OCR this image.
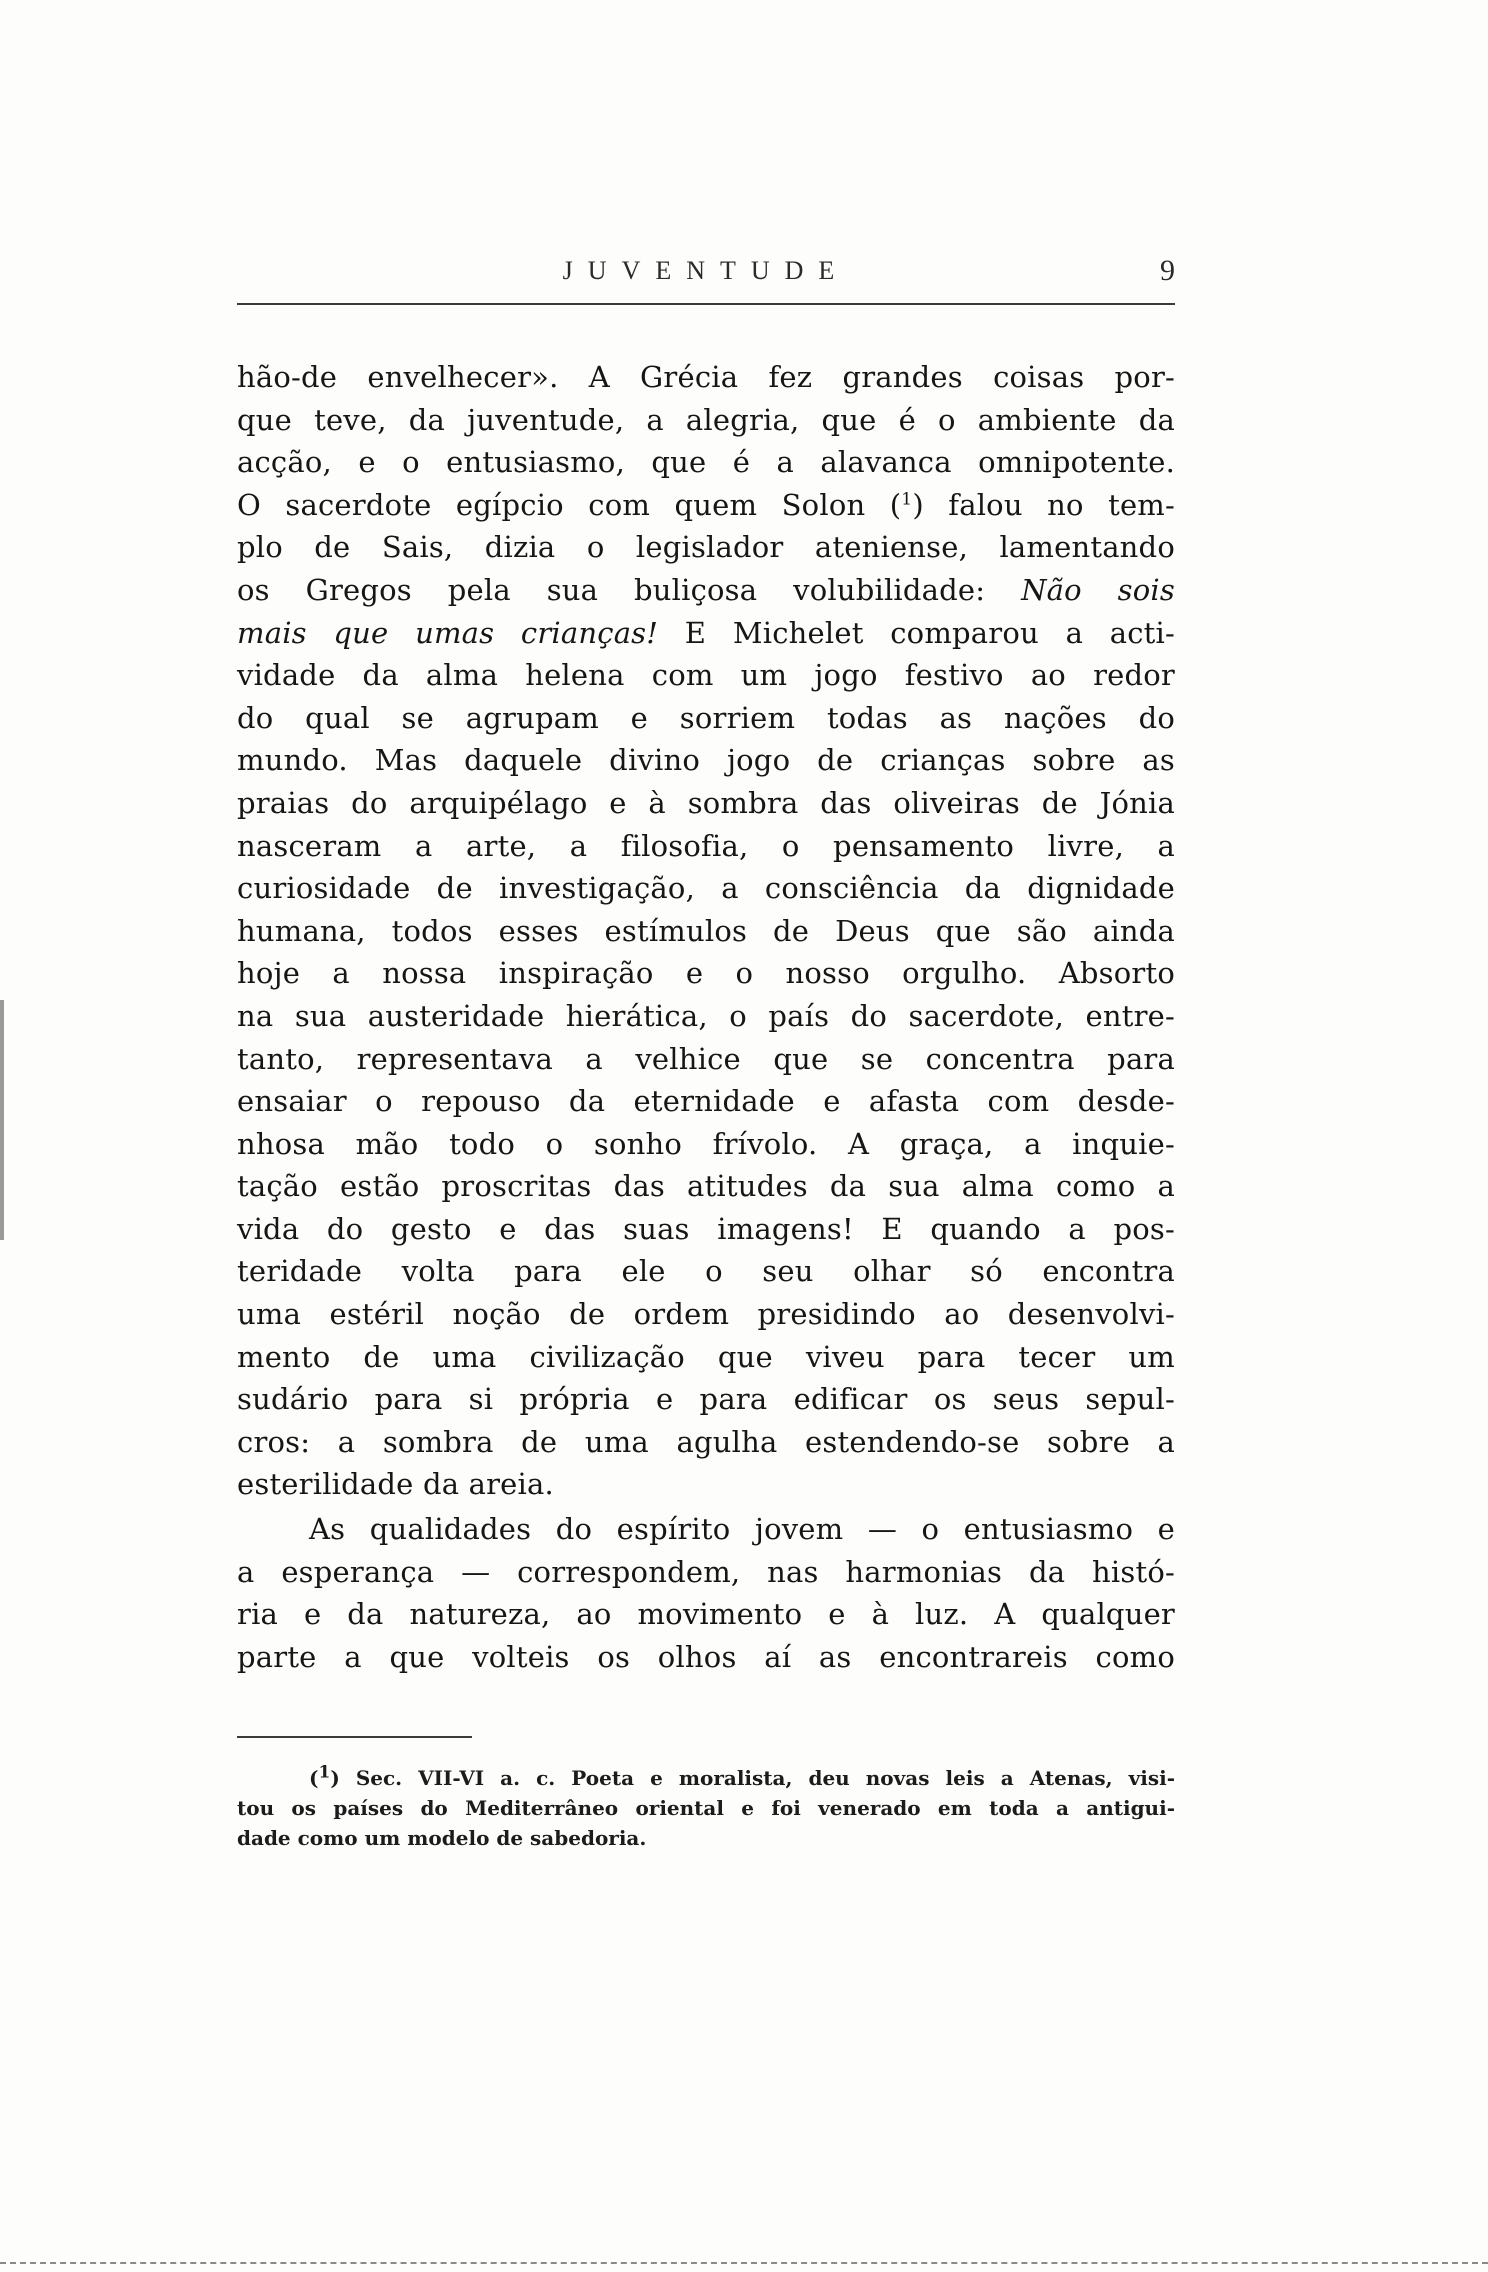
JUVENTUDE	9
hão-de envelhecer». A Grécia fez grandes coisas por-
que teve, da juventude, a alegria, que é o ambiente da
acção, e o entusiasmo, que é a alavanca omnipotente.
O sacerdote egípcio com quem Solon ($^1$) falou no tem-
plo de Sais, dizia o legislador ateniense, lamentando
os Gregos pela sua buliçosa volubilidade: Não sois
mais que umas crianças! E Michelet comparou a acti-
vidade da alma helena com um jogo festivo ao redor
do qual se agrupam e sorriem todas as nações do
mundo. Mas daquele divino jogo de crianças sobre as
praias do arquipélago e à sombra das oliveiras de Jónia
nasceram a arte, a filosofia, o pensamento livre, a
curiosidade de investigação, a consciência da dignidade
humana, todos esses estímulos de Deus que são ainda
hoje a nossa inspiração e o nosso orgulho. Absorto
na sua austeridade hierática, o país do sacerdote, entre-
tanto, representava a velhice que se concentra para
ensaiar o repouso da eternidade e afasta com desde-
nhosa mão todo o sonho frívolo. A graça, a inquie-
tação estão proscritas das atitudes da sua alma como a
vida do gesto e das suas imagens! E quando a pos-
teridade volta para ele o seu olhar só encontra
uma estéril noção de ordem presidindo ao desenvolvi-
mento de uma civilização que viveu para tecer um
sudário para si própria e para edificar os seus sepul-
cros: a sombra de uma agulha estendendo-se sobre a
esterilidade da areia.
As qualidades do espírito jovem — o entusiasmo e
a esperança — correspondem, nas harmonias da histó-
ria e da natureza, ao movimento e à luz. A qualquer
parte a que volteis os olhos aí as encontrareis como
($^1$) Sec. VII-VI a. c. Poeta e moralista, deu novas leis a Atenas, visi-
tou os países do Mediterrâneo oriental e foi venerado em toda a antigui-
dade como um modelo de sabedoria.
